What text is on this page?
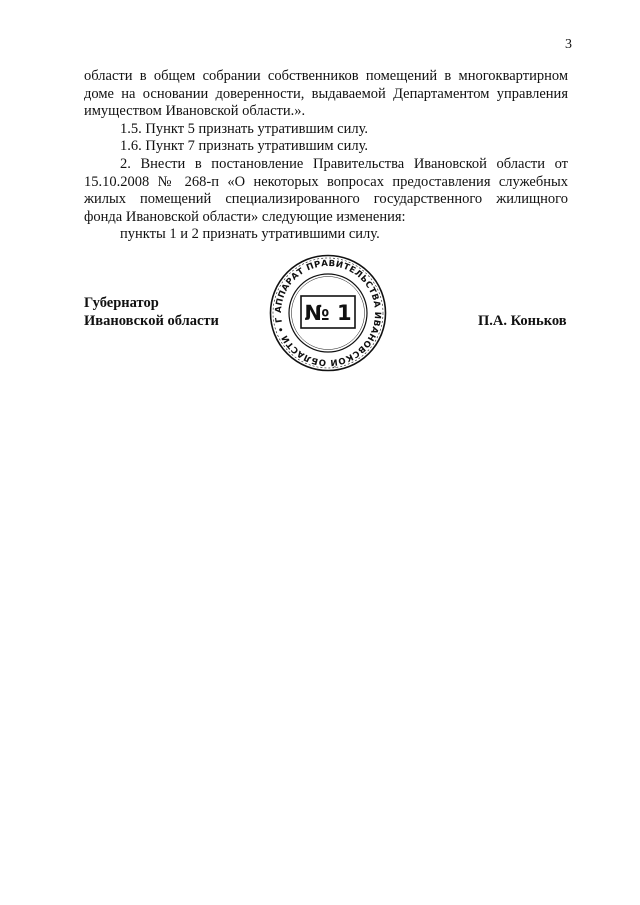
3

области в общем собрании собственников помещений в многоквартирном доме на основании доверенности, выдаваемой Департаментом управления имуществом Ивановской области.».

1.5. Пункт 5 признать утратившим силу.

1.6. Пункт 7 признать утратившим силу.

2. Внести в постановление Правительства Ивановской области от 15.10.2008 № 268-п «О некоторых вопросах предоставления служебных жилых помещений специализированного государственного жилищного фонда Ивановской области» следующие изменения:

пункты 1 и 2 признать утратившими силу.

Губернатор
Ивановской области
АППАРАТ ПРАВИТЕЛЬСТВА ИВАНОВСКОЙ ОБЛАСТИ • Г № 1	П.А. Коньков
